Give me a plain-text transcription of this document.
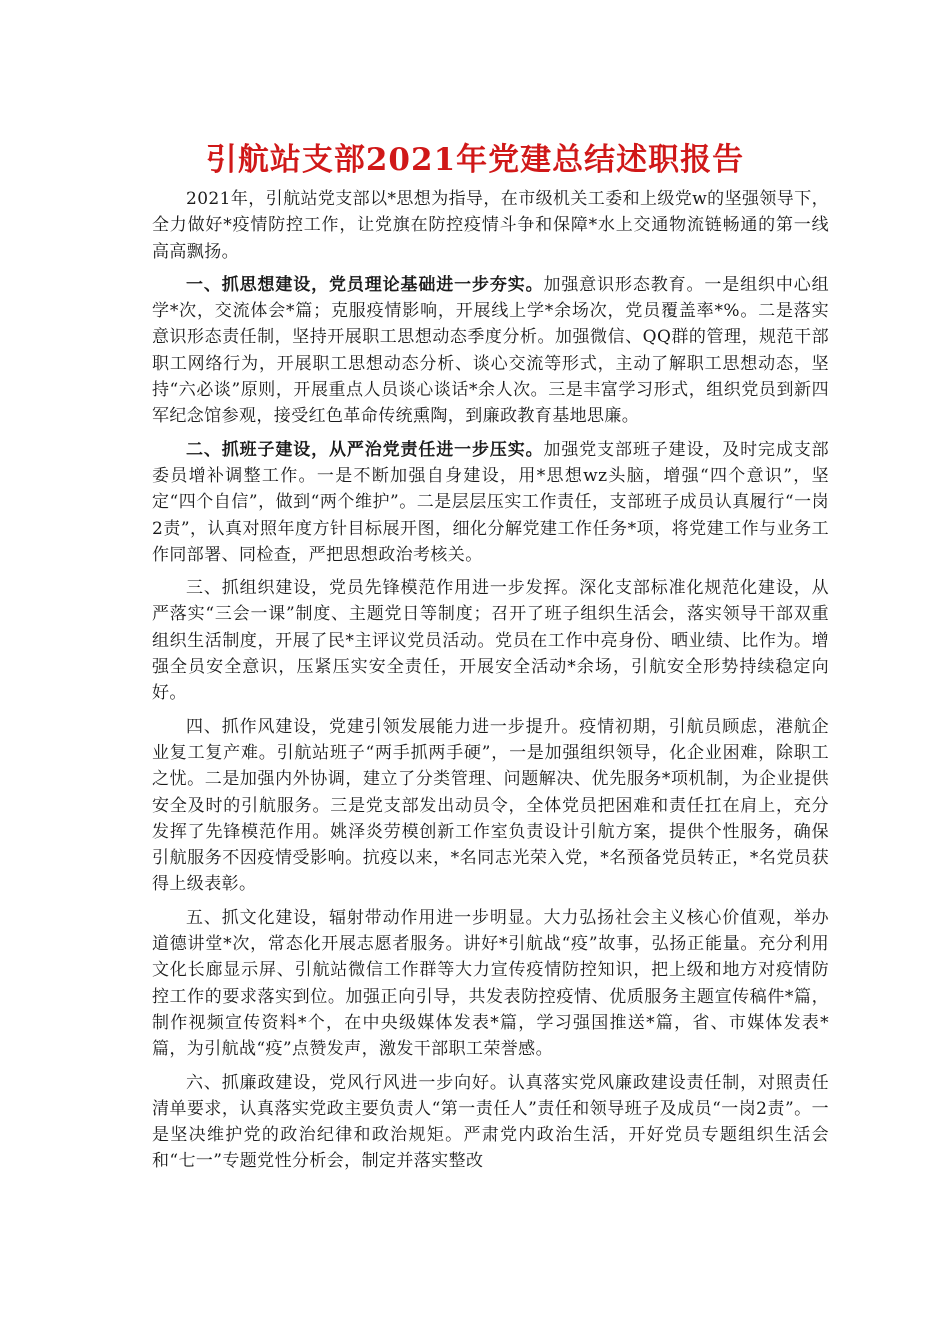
引航站支部2021年党建总结述职报告

2021年，引航站党支部以*思想为指导，在市级机关工委和上级党w的坚强领导下，全力做好*疫情防控工作，让党旗在防控疫情斗争和保障*水上交通物流链畅通的第一线高高飘扬。

一、抓思想建设，党员理论基础进一步夯实。加强意识形态教育。一是组织中心组学*次，交流体会*篇；克服疫情影响，开展线上学*余场次，党员覆盖率*%。二是落实意识形态责任制，坚持开展职工思想动态季度分析。加强微信、QQ群的管理，规范干部职工网络行为，开展职工思想动态分析、谈心交流等形式，主动了解职工思想动态，坚持“六必谈”原则，开展重点人员谈心谈话*余人次。三是丰富学习形式，组织党员到新四军纪念馆参观，接受红色革命传统熏陶，到廉政教育基地思廉。

二、抓班子建设，从严治党责任进一步压实。加强党支部班子建设，及时完成支部委员增补调整工作。一是不断加强自身建设，用*思想wz头脑，增强“四个意识”，坚定“四个自信”，做到“两个维护”。二是层层压实工作责任，支部班子成员认真履行“一岗2责”，认真对照年度方针目标展开图，细化分解党建工作任务*项，将党建工作与业务工作同部署、同检查，严把思想政治考核关。

三、抓组织建设，党员先锋模范作用进一步发挥。深化支部标准化规范化建设，从严落实“三会一课”制度、主题党日等制度；召开了班子组织生活会，落实领导干部双重组织生活制度，开展了民*主评议党员活动。党员在工作中亮身份、晒业绩、比作为。增强全员安全意识，压紧压实安全责任，开展安全活动*余场，引航安全形势持续稳定向好。

四、抓作风建设，党建引领发展能力进一步提升。疫情初期，引航员顾虑，港航企业复工复产难。引航站班子“两手抓两手硬”，一是加强组织领导，化企业困难，除职工之忧。二是加强内外协调，建立了分类管理、问题解决、优先服务*项机制，为企业提供安全及时的引航服务。三是党支部发出动员令，全体党员把困难和责任扛在肩上，充分发挥了先锋模范作用。姚泽炎劳模创新工作室负责设计引航方案，提供个性服务，确保引航服务不因疫情受影响。抗疫以来，*名同志光荣入党，*名预备党员转正，*名党员获得上级表彰。

五、抓文化建设，辐射带动作用进一步明显。大力弘扬社会主义核心价值观，举办道德讲堂*次，常态化开展志愿者服务。讲好*引航战“疫”故事，弘扬正能量。充分利用文化长廊显示屏、引航站微信工作群等大力宣传疫情防控知识，把上级和地方对疫情防控工作的要求落实到位。加强正向引导，共发表防控疫情、优质服务主题宣传稿件*篇，制作视频宣传资料*个，在中央级媒体发表*篇，学习强国推送*篇，省、市媒体发表*篇，为引航战“疫”点赞发声，激发干部职工荣誉感。

六、抓廉政建设，党风行风进一步向好。认真落实党风廉政建设责任制，对照责任清单要求，认真落实党政主要负责人“第一责任人”责任和领导班子及成员“一岗2责”。一是坚决维护党的政治纪律和政治规矩。严肃党内政治生活，开好党员专题组织生活会和“七一”专题党性分析会，制定并落实整改
